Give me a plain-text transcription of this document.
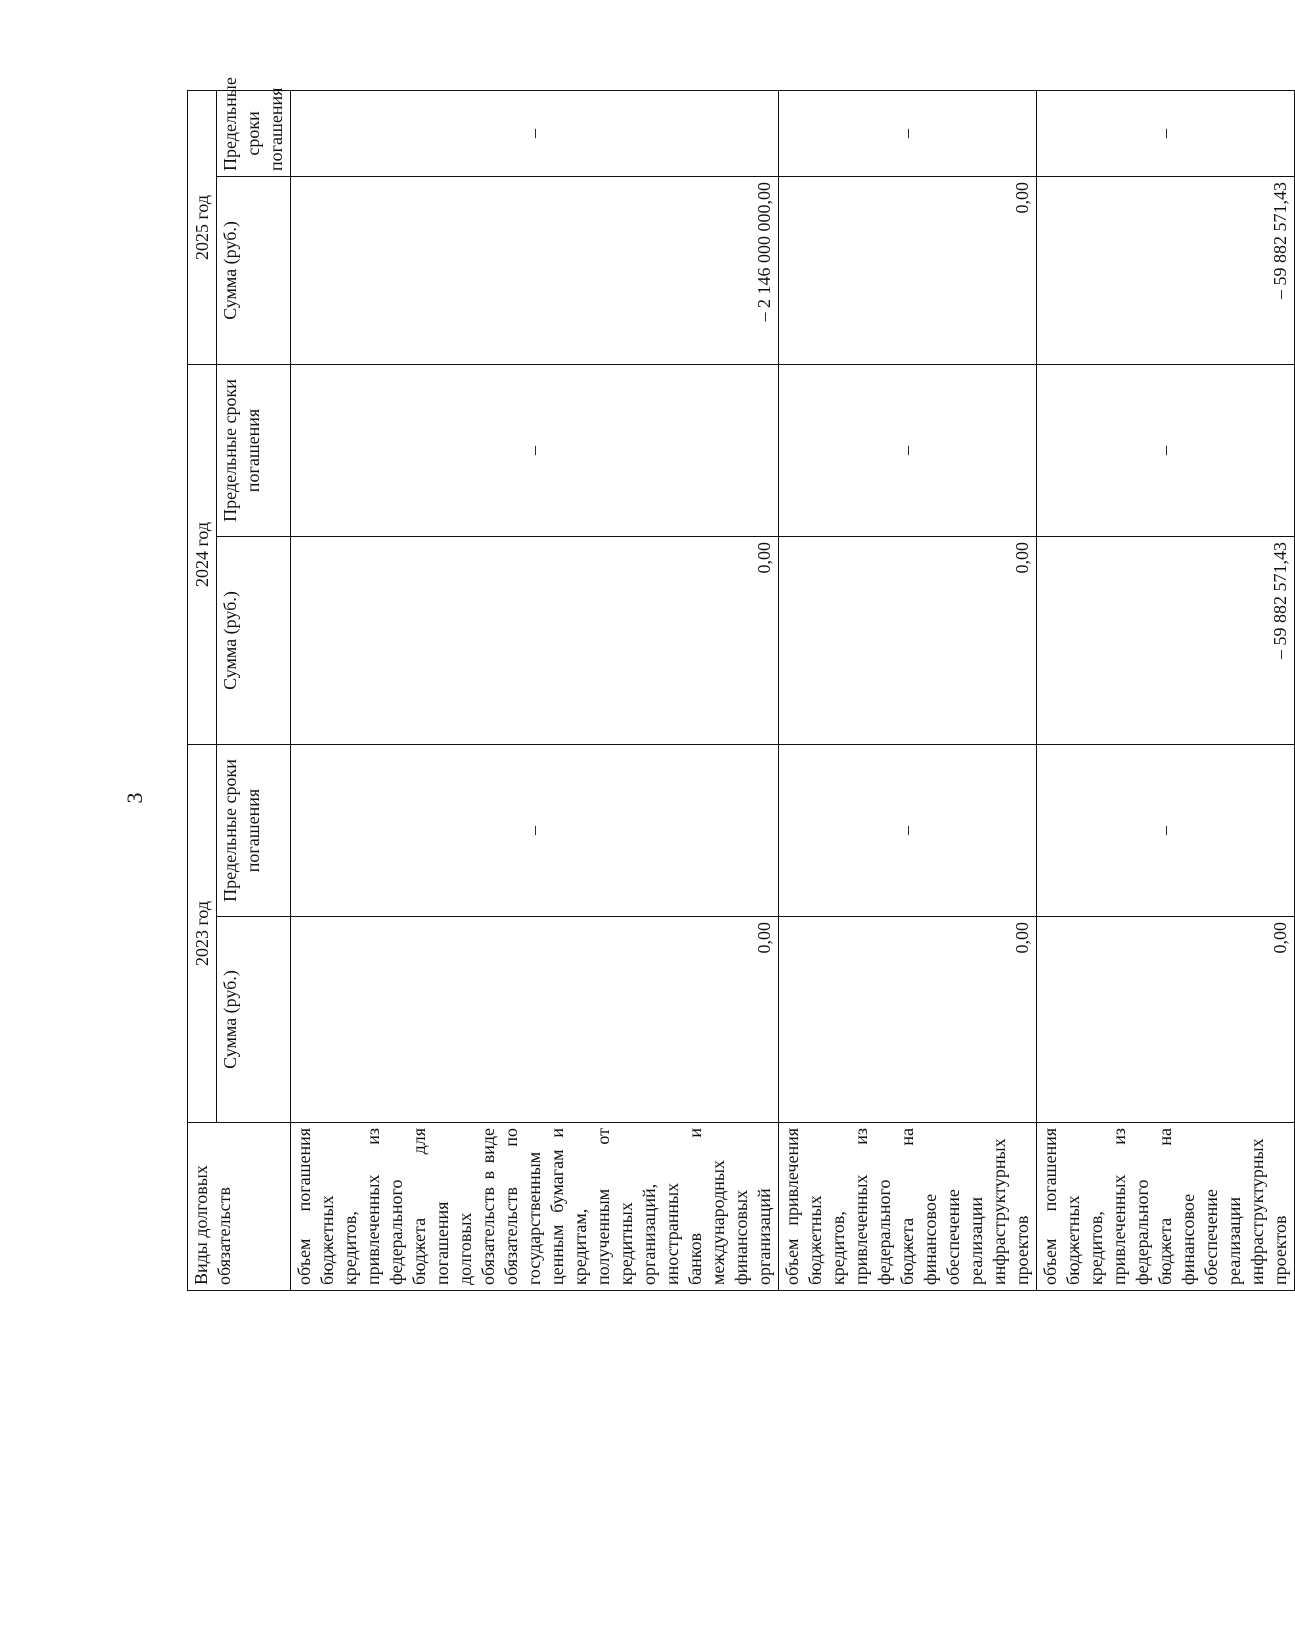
3
Виды долговых обязательств	2023 год		2024 год		2025 год	
	Сумма (руб.)	Предельные сроки погашения	Сумма (руб.)	Предельные сроки погашения	Сумма (руб.)	Предельные сроки погашения
объем погашения бюджетных кредитов, привлеченных из федерального бюджета для погашения долговых обязательств в виде обязательств по государственным ценным бумагам и кредитам, полученным от кредитных организаций, иностранных банков и международных финансовых организаций	0,00	–	0,00	–	– 2 146 000 000,00	–
объем привлечения бюджетных кредитов, привлеченных из федерального бюджета на финансовое обеспечение реализации инфраструктурных проектов	0,00	–	0,00	–	0,00	–
объем погашения бюджетных кредитов, привлеченных из федерального бюджета на финансовое обеспечение реализации инфраструктурных проектов	0,00	–	– 59 882 571,43	–	– 59 882 571,43	–
